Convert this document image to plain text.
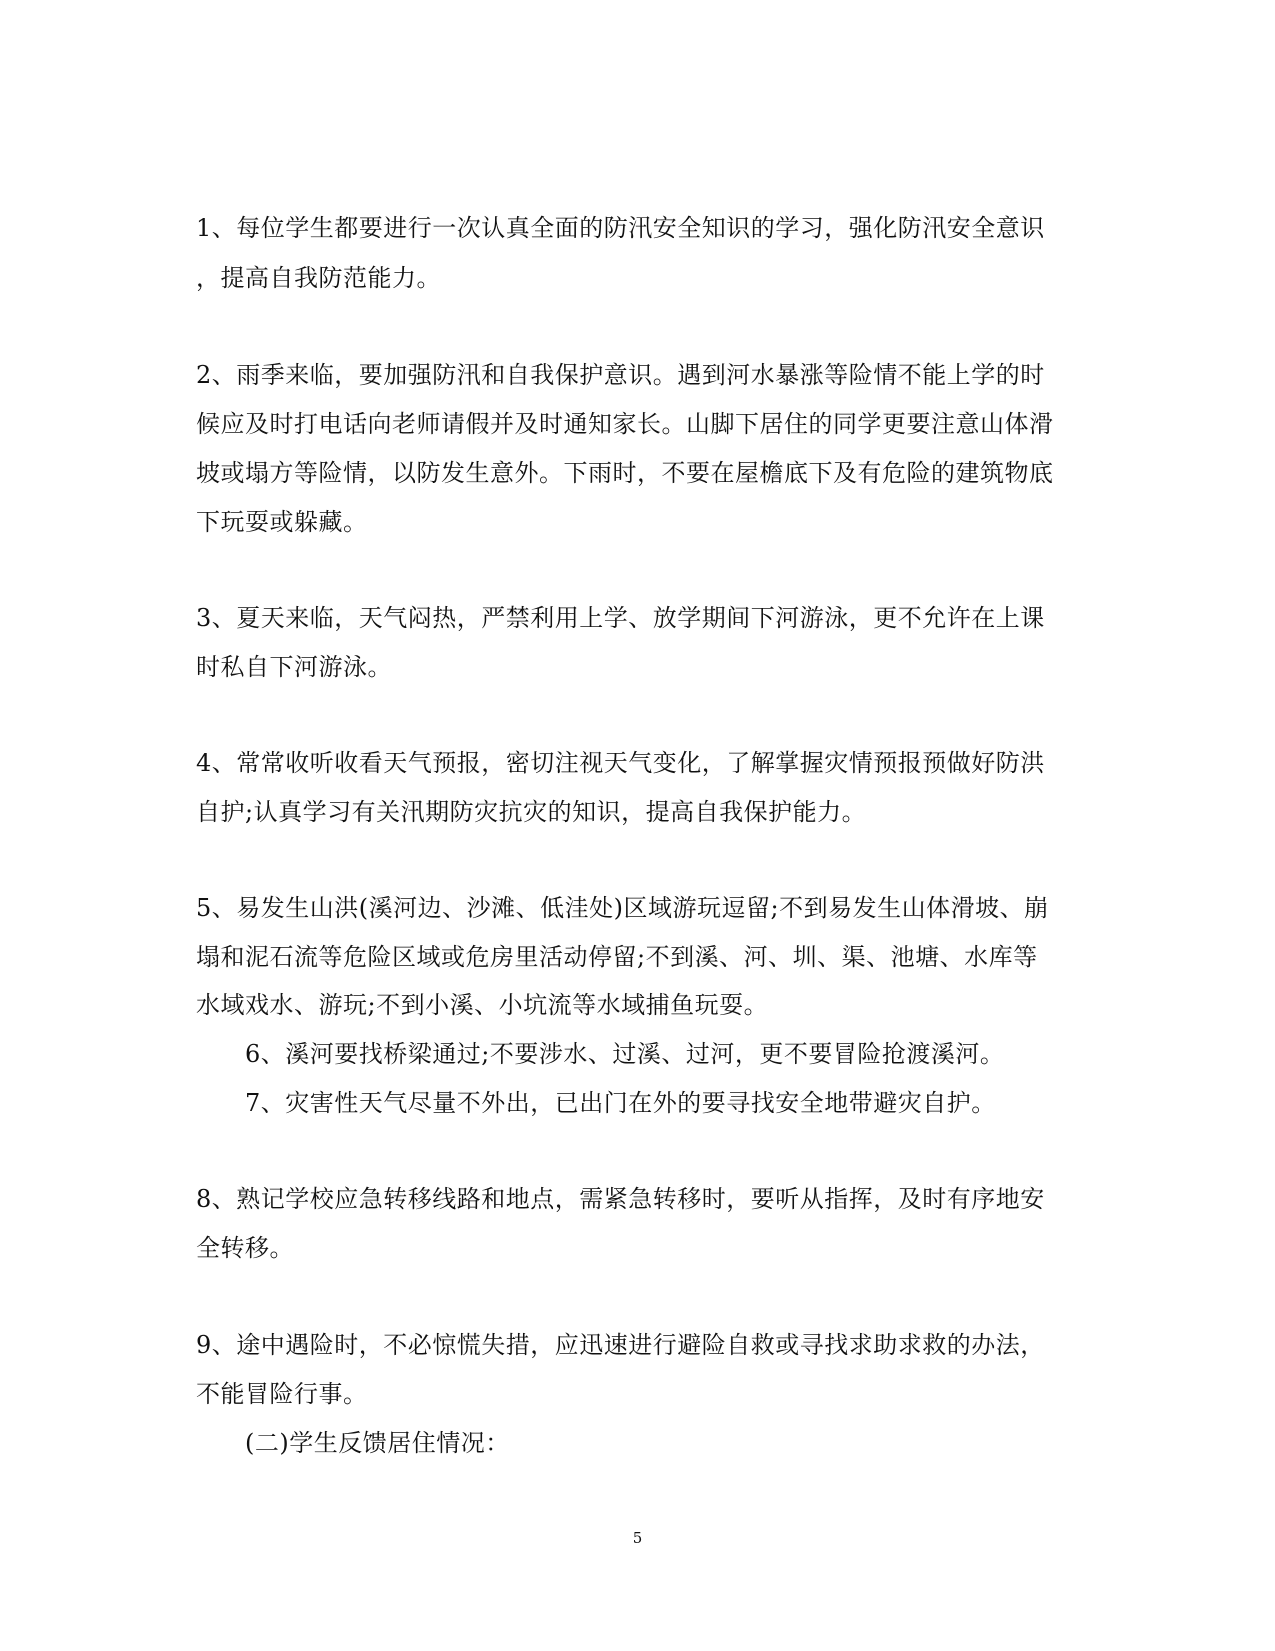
1、每位学生都要进行一次认真全面的防汛安全知识的学习，强化防汛安全意识
，提高自我防范能力。
2、雨季来临，要加强防汛和自我保护意识。遇到河水暴涨等险情不能上学的时
候应及时打电话向老师请假并及时通知家长。山脚下居住的同学更要注意山体滑
坡或塌方等险情，以防发生意外。下雨时，不要在屋檐底下及有危险的建筑物底
下玩耍或躲藏。
3、夏天来临，天气闷热，严禁利用上学、放学期间下河游泳，更不允许在上课
时私自下河游泳。
4、常常收听收看天气预报，密切注视天气变化，了解掌握灾情预报预做好防洪
自护;认真学习有关汛期防灾抗灾的知识，提高自我保护能力。
5、易发生山洪(溪河边、沙滩、低洼处)区域游玩逗留;不到易发生山体滑坡、崩
塌和泥石流等危险区域或危房里活动停留;不到溪、河、圳、渠、池塘、水库等
水域戏水、游玩;不到小溪、小坑流等水域捕鱼玩耍。
6、溪河要找桥梁通过;不要涉水、过溪、过河，更不要冒险抢渡溪河。
7、灾害性天气尽量不外出，已出门在外的要寻找安全地带避灾自护。
8、熟记学校应急转移线路和地点，需紧急转移时，要听从指挥，及时有序地安
全转移。
9、途中遇险时，不必惊慌失措，应迅速进行避险自救或寻找求助求救的办法，
不能冒险行事。
(二)学生反馈居住情况：
5
